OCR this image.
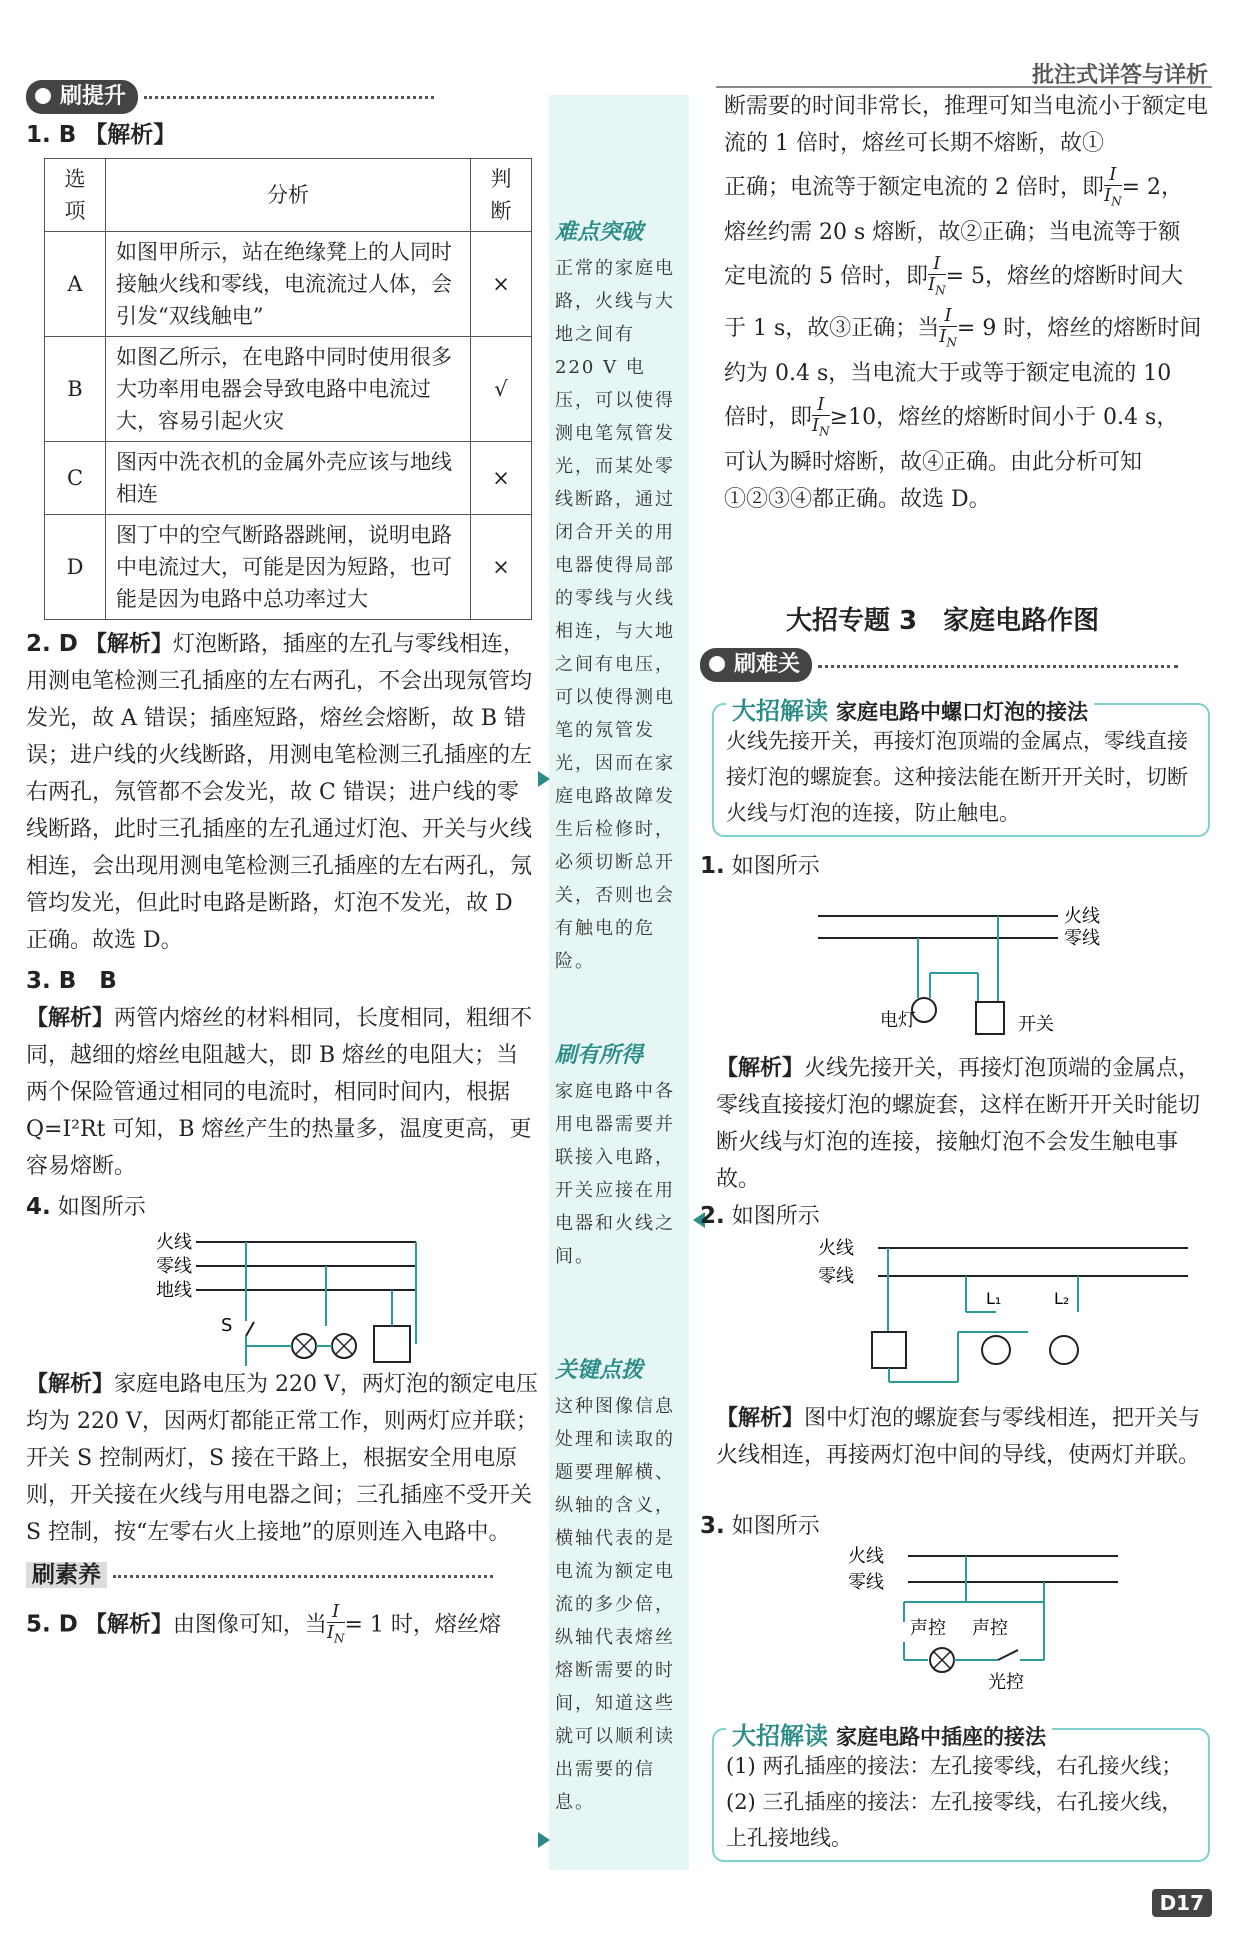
批注式详答与详析
刷提升
1. B 【解析】
选项	分析	判断
A	如图甲所示，站在绝缘凳上的人同时接触火线和零线，电流流过人体，会引发“双线触电”	×
B	如图乙所示，在电路中同时使用很多大功率用电器会导致电路中电流过大，容易引起火灾	√
C	图丙中洗衣机的金属外壳应该与地线相连	×
D	图丁中的空气断路器跳闸，说明电路中电流过大，可能是因为短路，也可能是因为电路中总功率过大	×
2. D 【解析】灯泡断路，插座的左孔与零线相连，用测电笔检测三孔插座的左右两孔，不会出现氖管均发光，故 A 错误；插座短路，熔丝会熔断，故 B 错误；进户线的火线断路，用测电笔检测三孔插座的左右两孔，氖管都不会发光，故 C 错误；进户线的零线断路，此时三孔插座的左孔通过灯泡、开关与火线相连，会出现用测电笔检测三孔插座的左右两孔，氖管均发光，但此时电路是断路，灯泡不发光，故 D 正确。故选 D。
3. B　B
【解析】两管内熔丝的材料相同，长度相同，粗细不同，越细的熔丝电阻越大，即 B 熔丝的电阻大；当两个保险管通过相同的电流时，相同时间内，根据 Q=I²Rt 可知，B 熔丝产生的热量多，温度更高，更容易熔断。
4. 如图所示
火线
零线
地线
S
【解析】家庭电路电压为 220 V，两灯泡的额定电压均为 220 V，因两灯都能正常工作，则两灯应并联；开关 S 控制两灯，S 接在干路上，根据安全用电原则，开关接在火线与用电器之间；三孔插座不受开关 S 控制，按“左零右火上接地”的原则连入电路中。
刷素养
5. D 【解析】由图像可知，当 $\frac{I}{I_N} = 1$ 时，熔丝熔
难点突破
正常的家庭电路，火线与大地之间有 220 V 电压，可以使得测电笔氖管发光，而某处零线断路，通过闭合开关的用电器使得局部的零线与火线相连，与大地之间有电压，可以使得测电笔的氖管发光，因而在家庭电路故障发生后检修时，必须切断总开关，否则也会有触电的危险。
刷有所得
家庭电路中各用电器需要并联接入电路，开关应接在用电器和火线之间。
关键点拨
这种图像信息处理和读取的题要理解横、纵轴的含义，横轴代表的是电流为额定电流的多少倍，纵轴代表熔丝熔断需要的时间，知道这些就可以顺利读出需要的信息。
断需要的时间非常长，推理可知当电流小于额定电流的 1 倍时，熔丝可长期不熔断，故①
正确；电流等于额定电流的 2 倍时，即 $\frac{I}{I_N} = 2$，
熔丝约需 20 s 熔断，故②正确；当电流等于额
定电流的 5 倍时，即 $\frac{I}{I_N} = 5$，熔丝的熔断时间大
于 1 s，故③正确；当 $\frac{I}{I_N} = 9$ 时，熔丝的熔断时间
约为 0.4 s，当电流大于或等于额定电流的 10
倍时，即 $\frac{I}{I_N} \ge 10$，熔丝的熔断时间小于 0.4 s，
可认为瞬时熔断，故④正确。由此分析可知①②③④都正确。故选 D。
大招专题 3　家庭电路作图
刷难关
大招解读 家庭电路中螺口灯泡的接法
火线先接开关，再接灯泡顶端的金属点，零线直接接灯泡的螺旋套。这种接法能在断开开关时，切断火线与灯泡的连接，防止触电。
1. 如图所示
火线
零线
电灯	开关
【解析】火线先接开关，再接灯泡顶端的金属点，零线直接接灯泡的螺旋套，这样在断开开关时能切断火线与灯泡的连接，接触灯泡不会发生触电事故。
2. 如图所示
火线
零线
L₁	L₂
【解析】图中灯泡的螺旋套与零线相连，把开关与火线相连，再接两灯泡中间的导线，使两灯并联。
3. 如图所示
火线
零线
声控 声控
光控
大招解读 家庭电路中插座的接法
(1) 两孔插座的接法：左孔接零线，右孔接火线；
(2) 三孔插座的接法：左孔接零线，右孔接火线，上孔接地线。
D17
